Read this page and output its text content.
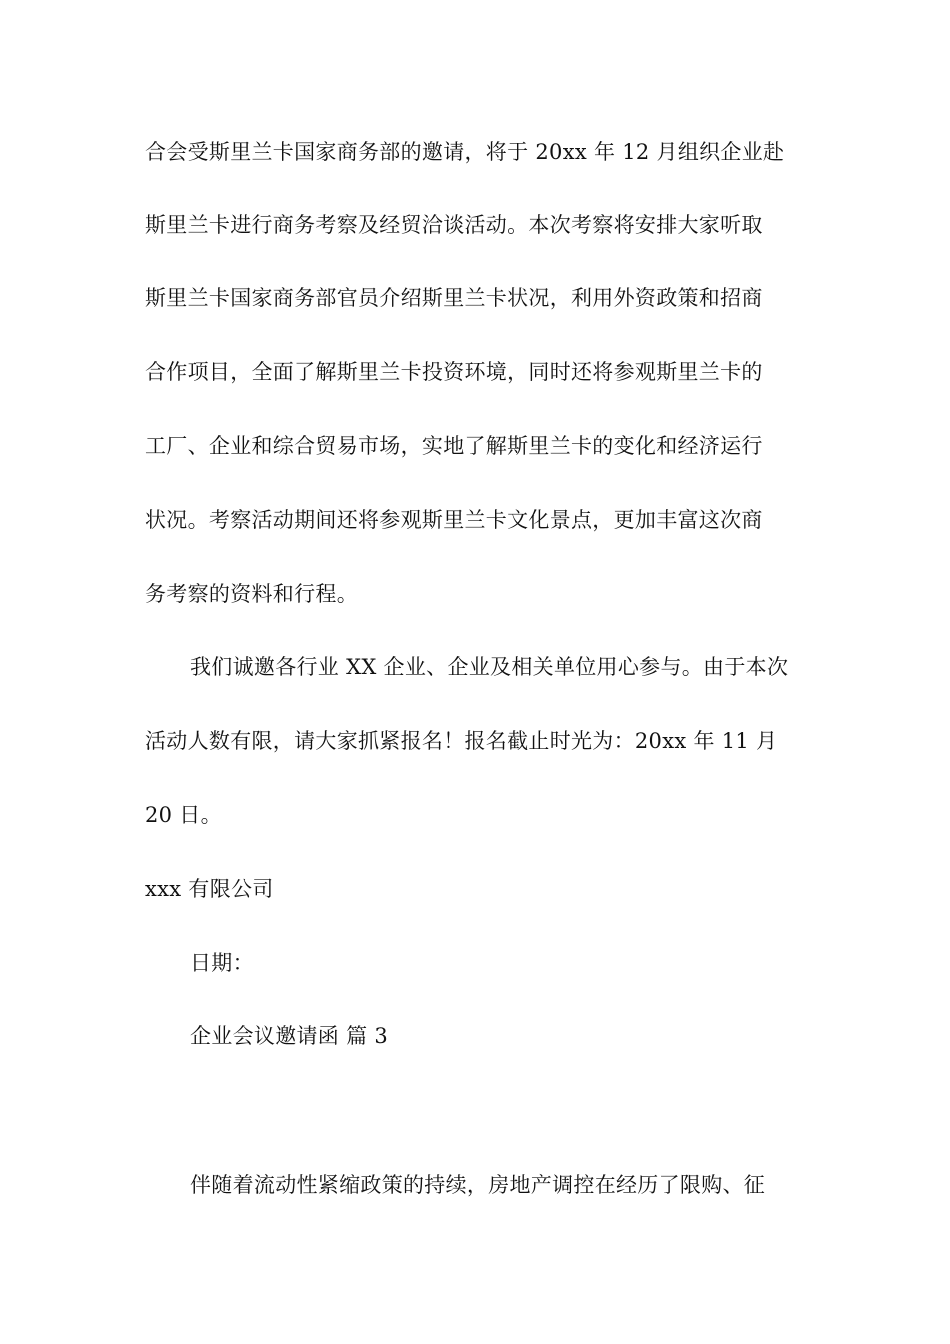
合会受斯里兰卡国家商务部的邀请，将于 20xx 年 12 月组织企业赴
斯里兰卡进行商务考察及经贸洽谈活动。本次考察将安排大家听取
斯里兰卡国家商务部官员介绍斯里兰卡状况，利用外资政策和招商
合作项目，全面了解斯里兰卡投资环境，同时还将参观斯里兰卡的
工厂、企业和综合贸易市场，实地了解斯里兰卡的变化和经济运行
状况。考察活动期间还将参观斯里兰卡文化景点，更加丰富这次商
务考察的资料和行程。
我们诚邀各行业 XX 企业、企业及相关单位用心参与。由于本次
活动人数有限，请大家抓紧报名！报名截止时光为：20xx 年 11 月
20 日。
xxx 有限公司
日期：
企业会议邀请函 篇 3
伴随着流动性紧缩政策的持续，房地产调控在经历了限购、征
